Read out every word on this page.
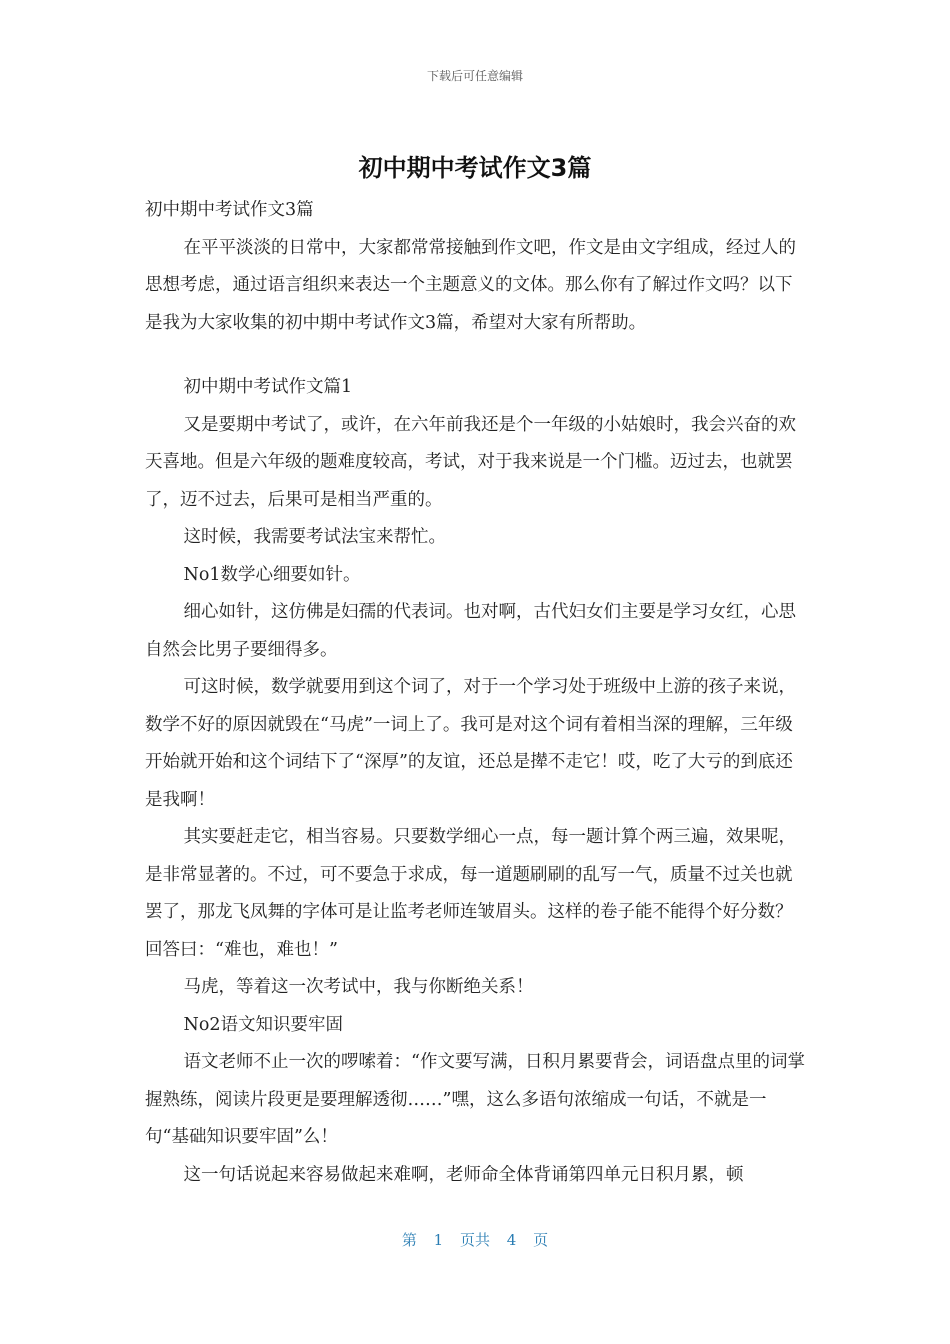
下载后可任意编辑
初中期中考试作文3篇

初中期中考试作文3篇

在平平淡淡的日常中，大家都常常接触到作文吧，作文是由文字组成，经过人的思想考虑，通过语言组织来表达一个主题意义的文体。那么你有了解过作文吗？以下是我为大家收集的初中期中考试作文3篇，希望对大家有所帮助。

初中期中考试作文篇1

又是要期中考试了，或许，在六年前我还是个一年级的小姑娘时，我会兴奋的欢天喜地。但是六年级的题难度较高，考试，对于我来说是一个门槛。迈过去，也就罢了，迈不过去，后果可是相当严重的。

这时候，我需要考试法宝来帮忙。

No1数学心细要如针。

细心如针，这仿佛是妇孺的代表词。也对啊，古代妇女们主要是学习女红，心思自然会比男子要细得多。

可这时候，数学就要用到这个词了，对于一个学习处于班级中上游的孩子来说，数学不好的原因就毁在“马虎”一词上了。我可是对这个词有着相当深的理解，三年级开始就开始和这个词结下了“深厚”的友谊，还总是撵不走它！哎，吃了大亏的到底还是我啊！

其实要赶走它，相当容易。只要数学细心一点，每一题计算个两三遍，效果呢，是非常显著的。不过，可不要急于求成，每一道题刷刷的乱写一气，质量不过关也就罢了，那龙飞凤舞的字体可是让监考老师连皱眉头。这样的卷子能不能得个好分数？回答曰：“难也，难也！”

马虎，等着这一次考试中，我与你断绝关系！

No2语文知识要牢固

语文老师不止一次的啰嗦着：“作文要写满，日积月累要背会，词语盘点里的词掌握熟练，阅读片段更是要理解透彻……”嘿，这么多语句浓缩成一句话，不就是一句“基础知识要牢固”么！

这一句话说起来容易做起来难啊，老师命全体背诵第四单元日积月累，顿

第 1 页共 4 页
